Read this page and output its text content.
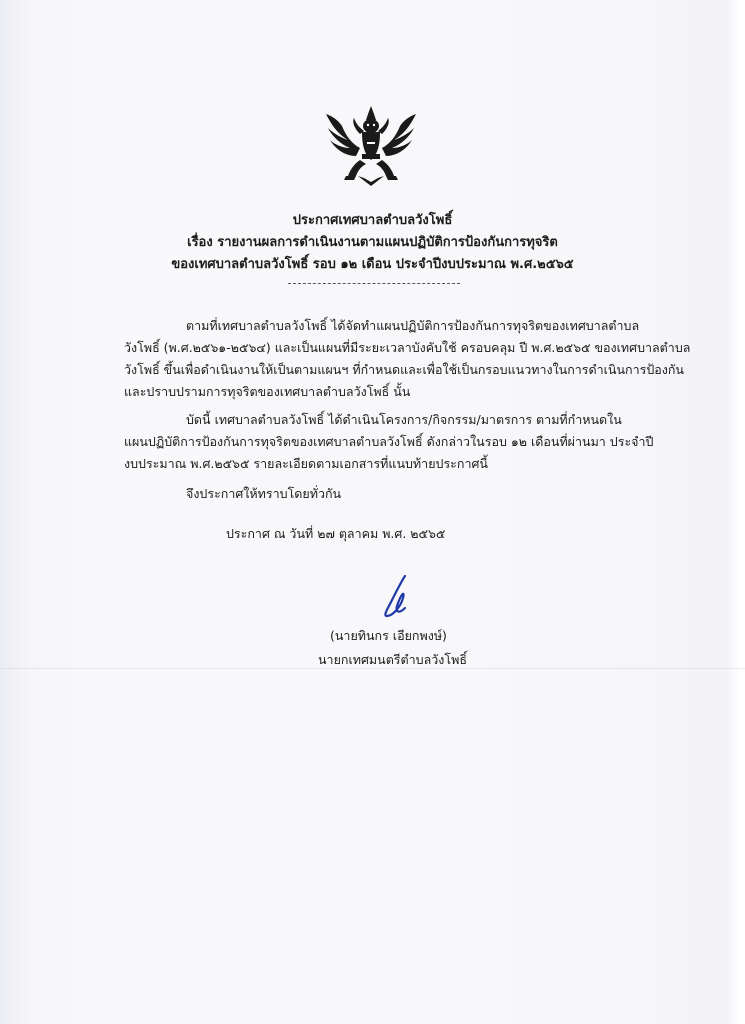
ประกาศเทศบาลตำบลวังโพธิ์
เรื่อง รายงานผลการดำเนินงานตามแผนปฏิบัติการป้องกันการทุจริต
ของเทศบาลตำบลวังโพธิ์ รอบ ๑๒ เดือน ประจำปีงบประมาณ พ.ศ.๒๕๖๕
ตามที่เทศบาลตำบลวังโพธิ์ ได้จัดทำแผนปฏิบัติการป้องกันการทุจริตของเทศบาลตำบล
วังโพธิ์ (พ.ศ.๒๕๖๑-๒๕๖๔) และเป็นแผนที่มีระยะเวลาบังคับใช้ ครอบคลุม ปี พ.ศ.๒๕๖๕ ของเทศบาลตำบล
วังโพธิ์ ขึ้นเพื่อดำเนินงานให้เป็นตามแผนฯ ที่กำหนดและเพื่อใช้เป็นกรอบแนวทางในการดำเนินการป้องกัน
และปราบปรามการทุจริตของเทศบาลตำบลวังโพธิ์ นั้น
บัดนี้ เทศบาลตำบลวังโพธิ์ ได้ดำเนินโครงการ/กิจกรรม/มาตรการ ตามที่กำหนดใน
แผนปฏิบัติการป้องกันการทุจริตของเทศบาลตำบลวังโพธิ์ ดังกล่าวในรอบ ๑๒ เดือนที่ผ่านมา ประจำปี
งบประมาณ พ.ศ.๒๕๖๕ รายละเอียดตามเอกสารที่แนบท้ายประกาศนี้
จึงประกาศให้ทราบโดยทั่วกัน
ประกาศ ณ วันที่ ๒๗ ตุลาคม พ.ศ. ๒๕๖๕
(นายทินกร เอียกพงษ์)
นายกเทศมนตรีตำบลวังโพธิ์
